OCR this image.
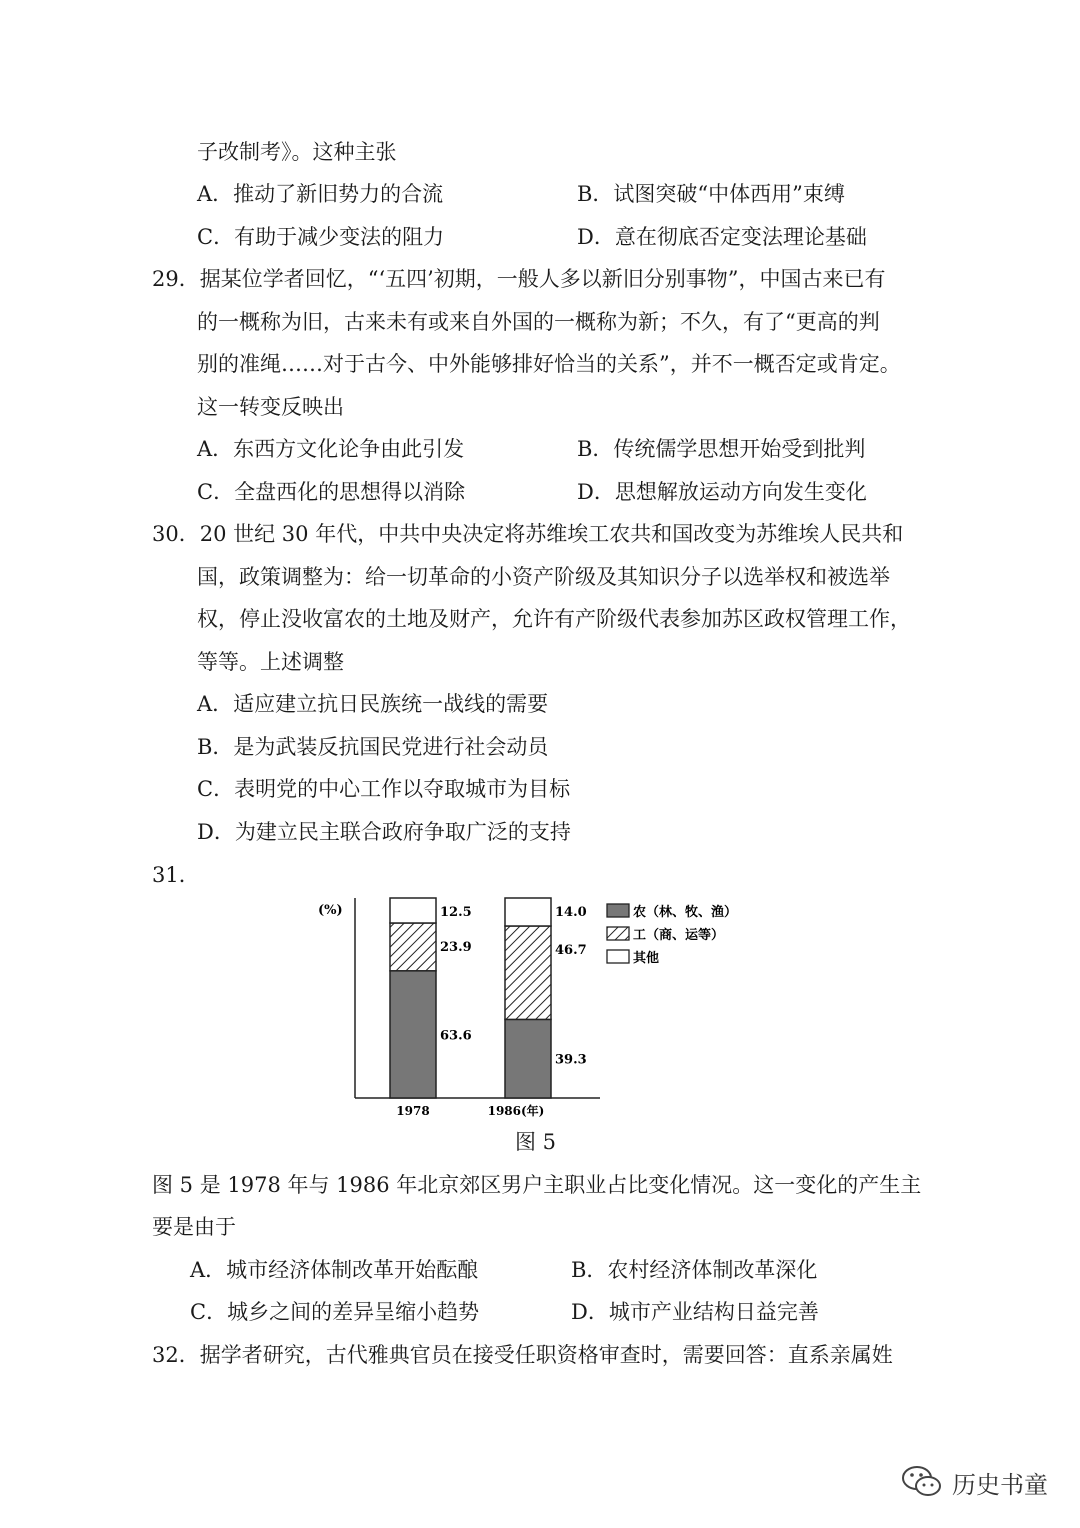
子改制考》。这种主张
A．推动了新旧势力的合流	B．试图突破“中体西用”束缚
C．有助于减少变法的阻力	D．意在彻底否定变法理论基础
29．据某位学者回忆，“‘五四’初期，一般人多以新旧分别事物”，中国古来已有
的一概称为旧，古来未有或来自外国的一概称为新；不久，有了“更高的判
别的准绳……对于古今、中外能够排好恰当的关系”，并不一概否定或肯定。
这一转变反映出
A．东西方文化论争由此引发	B．传统儒学思想开始受到批判
C．全盘西化的思想得以消除	D．思想解放运动方向发生变化
30．20 世纪 30 年代，中共中央决定将苏维埃工农共和国改变为苏维埃人民共和
国，政策调整为：给一切革命的小资产阶级及其知识分子以选举权和被选举
权，停止没收富农的土地及财产，允许有产阶级代表参加苏区政权管理工作，
等等。上述调整
A．适应建立抗日民族统一战线的需要
B．是为武装反抗国民党进行社会动员
C．表明党的中心工作以夺取城市为目标
D．为建立民主联合政府争取广泛的支持
31．
(%)
63.6
23.9
12.5
1978
39.3
46.7
14.0
1986(年)
农（林、牧、渔）
工（商、运等）
其他
图 5
图 5 是 1978 年与 1986 年北京郊区男户主职业占比变化情况。这一变化的产生主
要是由于
A．城市经济体制改革开始酝酿	B．农村经济体制改革深化
C．城乡之间的差异呈缩小趋势	D．城市产业结构日益完善
32．据学者研究，古代雅典官员在接受任职资格审查时，需要回答：直系亲属姓
历史书童
